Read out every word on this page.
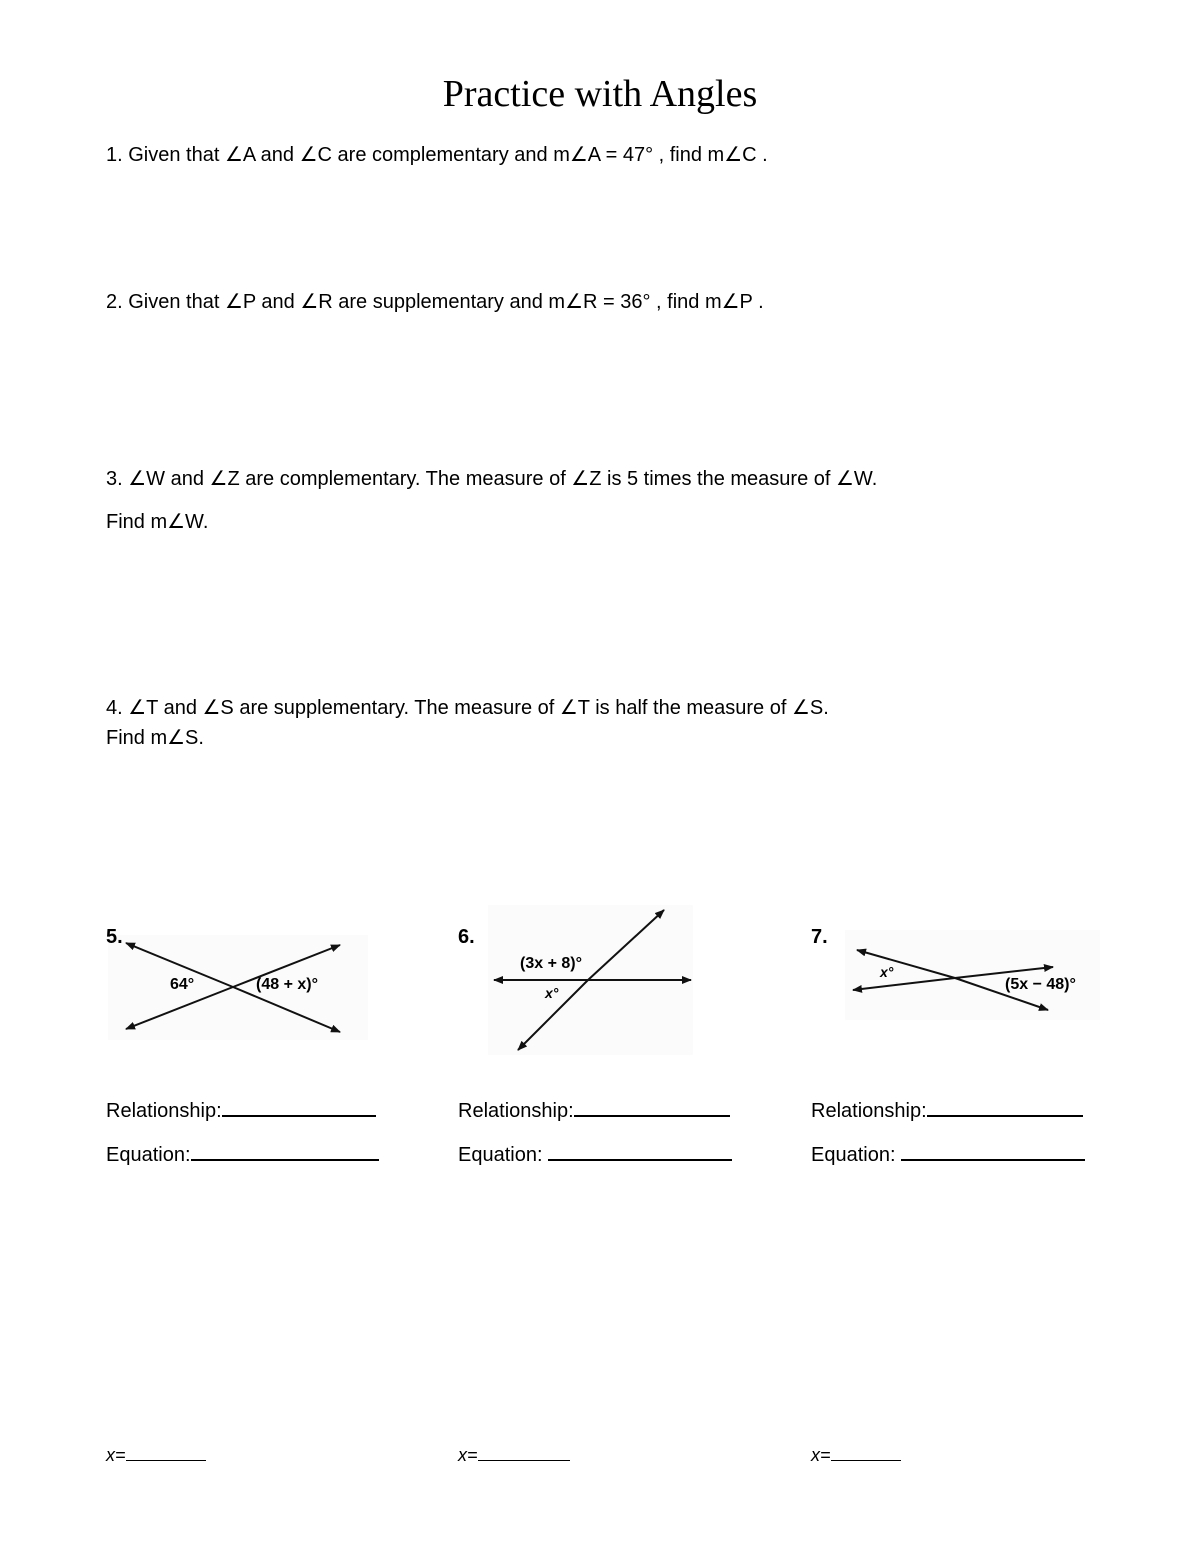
Practice with Angles
1. Given that ∠A and ∠C are complementary and m∠A = 47° , find m∠C .
2. Given that ∠P and ∠R are supplementary and m∠R = 36° , find m∠P .
3. ∠W and ∠Z are complementary. The measure of ∠Z is 5 times the measure of ∠W.
Find m∠W.
4. ∠T and ∠S are supplementary. The measure of ∠T is half the measure of ∠S.
Find m∠S.
5.
64°	(48 + x)°
6.
(3x + 8)°
x°
7.
x°
(5x − 48)°
Relationship:
Equation:
x=
Relationship:
Equation:
x=
Relationship:
Equation:
x=
